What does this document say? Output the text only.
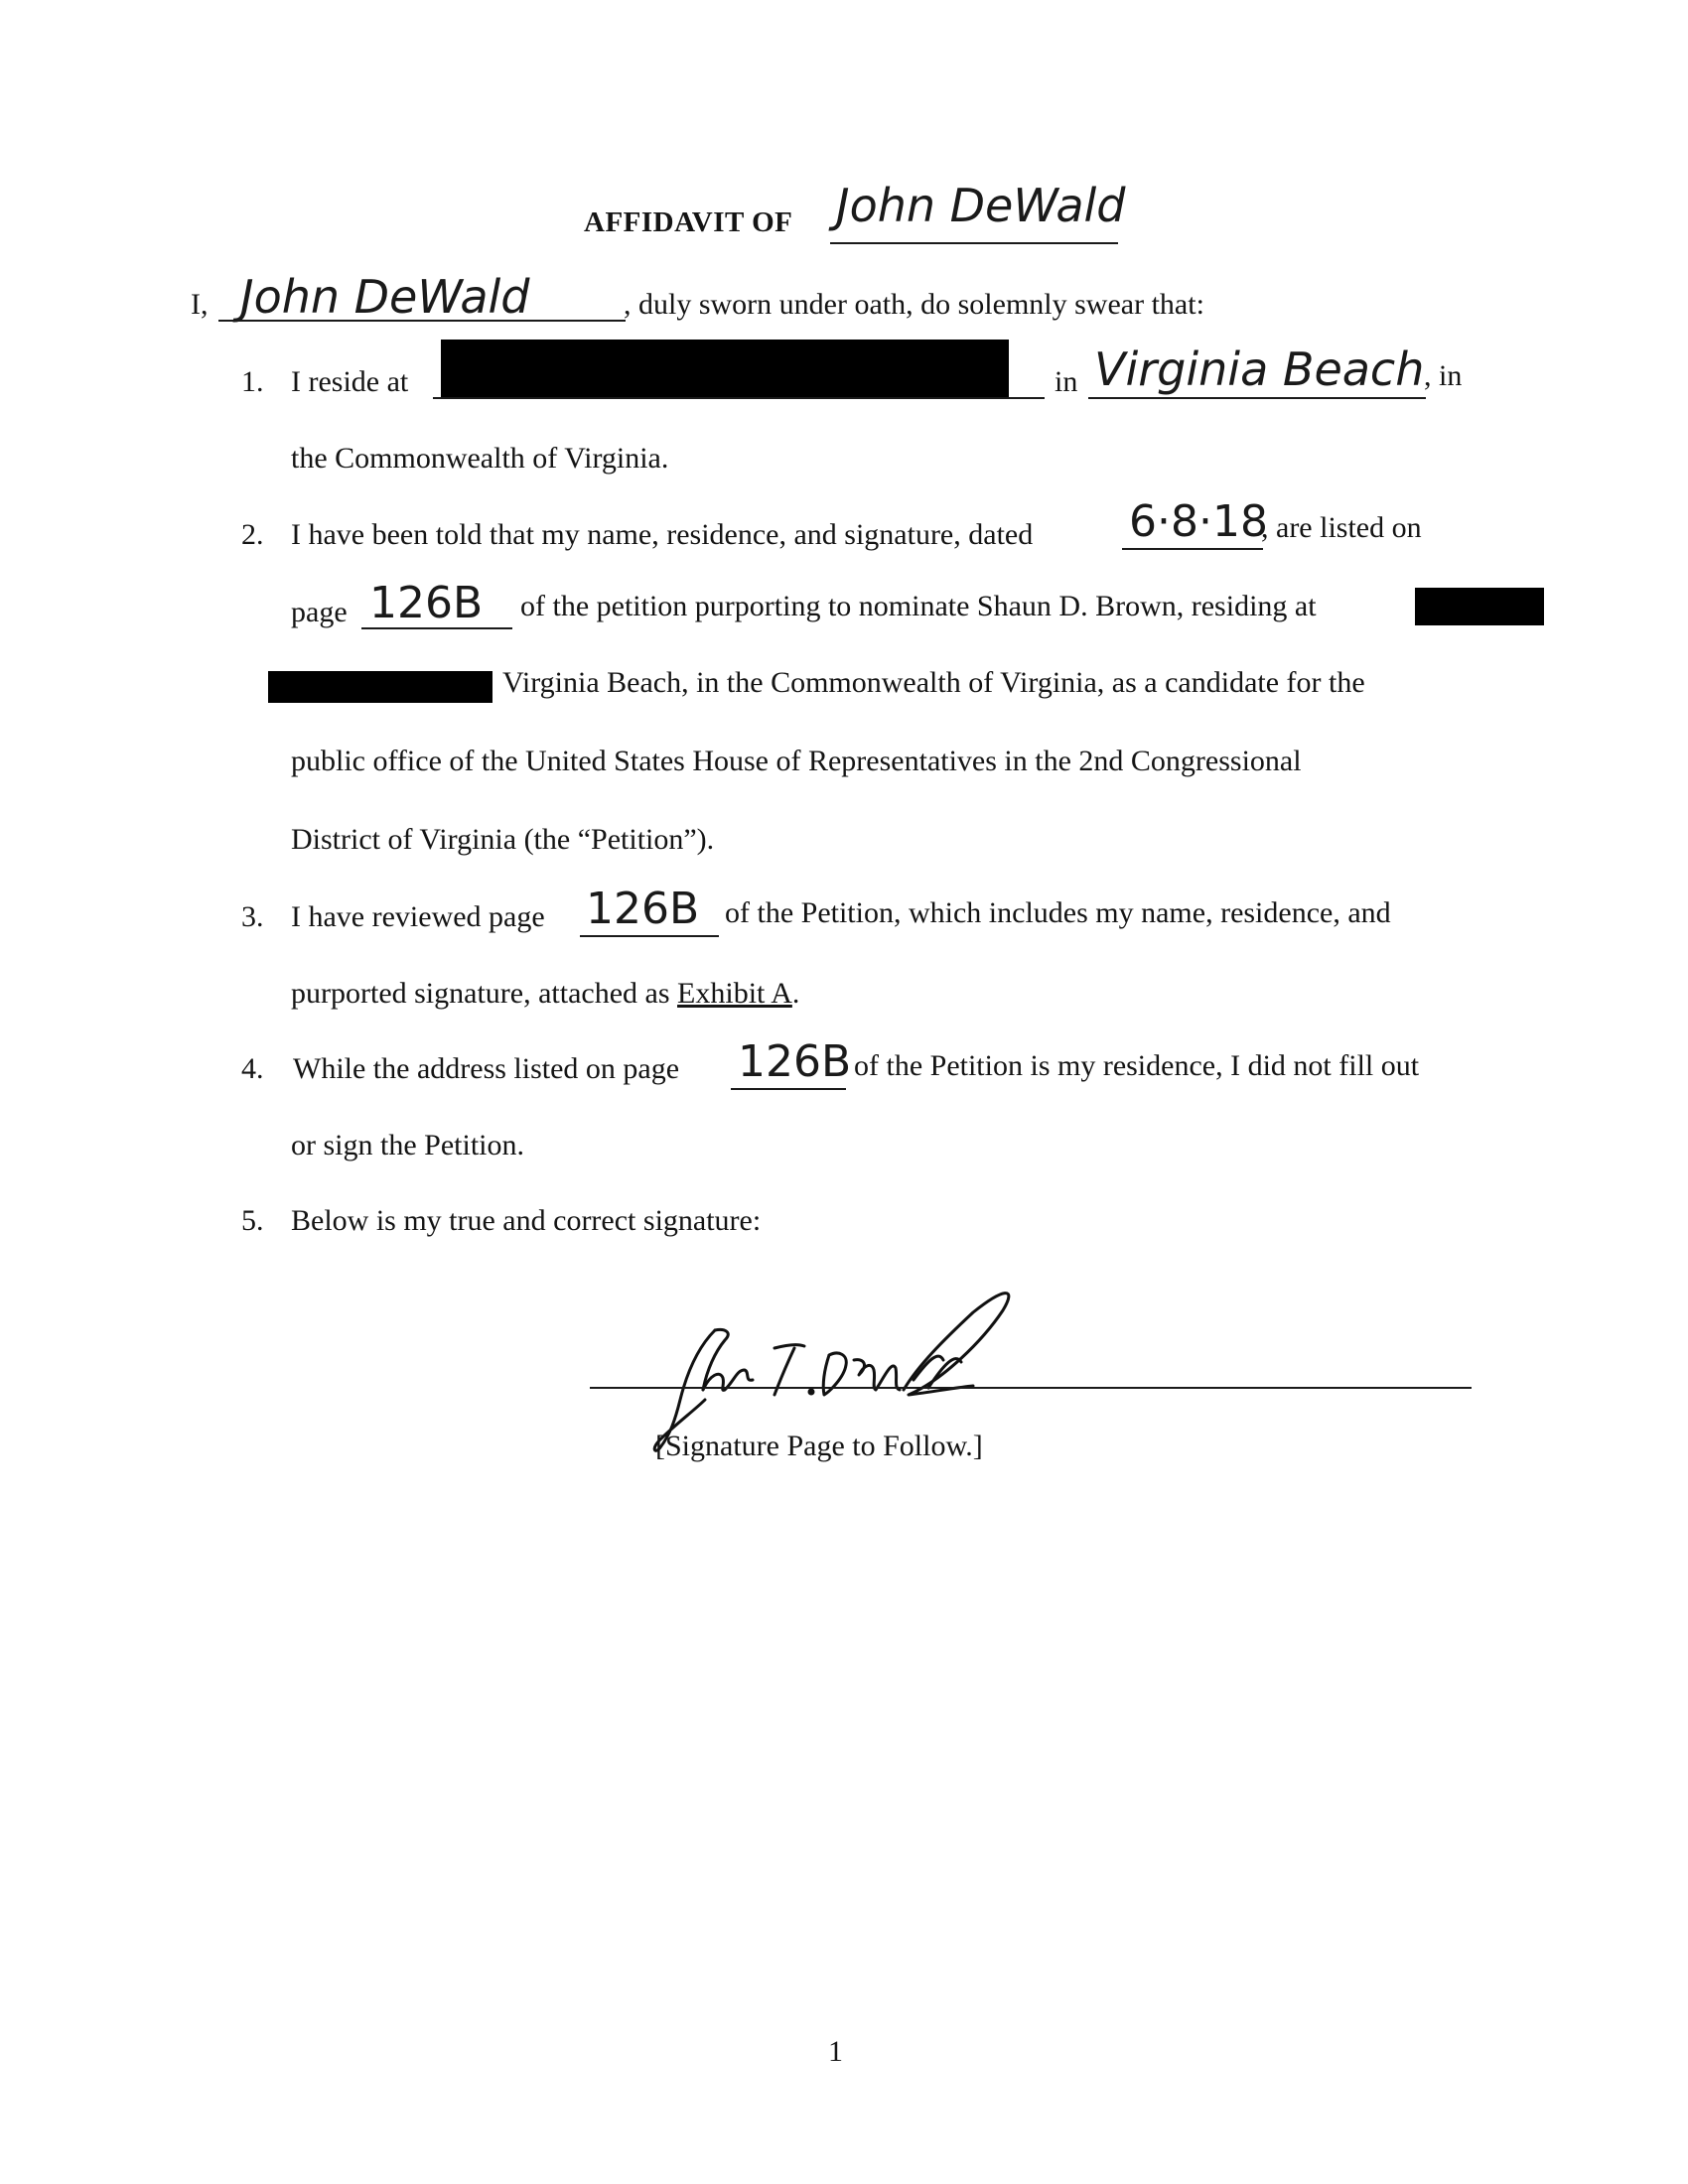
AFFIDAVIT OF John DeWald
I, John DeWald	, duly sworn under oath, do solemnly swear that:
1. I reside at	in Virginia Beach , in
the Commonwealth of Virginia.
2. I have been told that my name, residence, and signature, dated 6·8·18
, are listed on
page 126B of the petition purporting to nominate Shaun D. Brown, residing at
Virginia Beach, in the Commonwealth of Virginia, as a candidate for the
public office of the United States House of Representatives in the 2nd Congressional
District of Virginia (the “Petition”).
3. I have reviewed page 126B of the Petition, which includes my name, residence, and
purported signature, attached as Exhibit A.
4. While the address listed on page 126B of the Petition is my residence, I did not fill out
or sign the Petition.
5. Below is my true and correct signature:
[Signature Page to Follow.]
1
